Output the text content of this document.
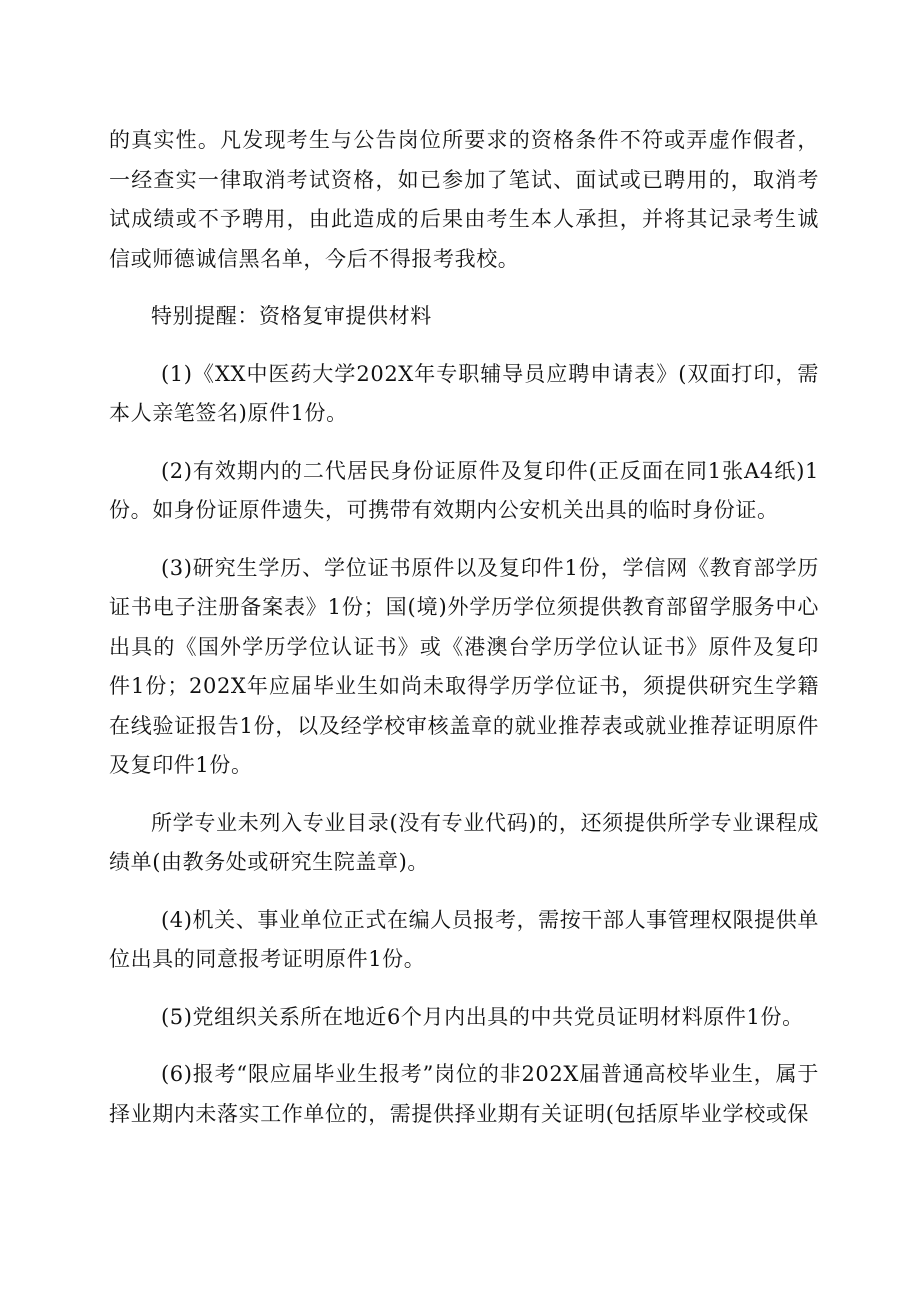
的真实性。凡发现考生与公告岗位所要求的资格条件不符或弄虚作假者，一经查实一律取消考试资格，如已参加了笔试、面试或已聘用的，取消考试成绩或不予聘用，由此造成的后果由考生本人承担，并将其记录考生诚信或师德诚信黑名单，今后不得报考我校。

特别提醒：资格复审提供材料

(1)《XX中医药大学202X年专职辅导员应聘申请表》(双面打印，需本人亲笔签名)原件1份。

(2)有效期内的二代居民身份证原件及复印件(正反面在同1张A4纸)1份。如身份证原件遗失，可携带有效期内公安机关出具的临时身份证。

(3)研究生学历、学位证书原件以及复印件1份，学信网《教育部学历证书电子注册备案表》1份；国(境)外学历学位须提供教育部留学服务中心出具的《国外学历学位认证书》或《港澳台学历学位认证书》原件及复印件1份；202X年应届毕业生如尚未取得学历学位证书，须提供研究生学籍在线验证报告1份，以及经学校审核盖章的就业推荐表或就业推荐证明原件及复印件1份。

所学专业未列入专业目录(没有专业代码)的，还须提供所学专业课程成绩单(由教务处或研究生院盖章)。

(4)机关、事业单位正式在编人员报考，需按干部人事管理权限提供单位出具的同意报考证明原件1份。

(5)党组织关系所在地近6个月内出具的中共党员证明材料原件1份。

(6)报考“限应届毕业生报考”岗位的非202X届普通高校毕业生，属于择业期内未落实工作单位的，需提供择业期有关证明(包括原毕业学校或保
